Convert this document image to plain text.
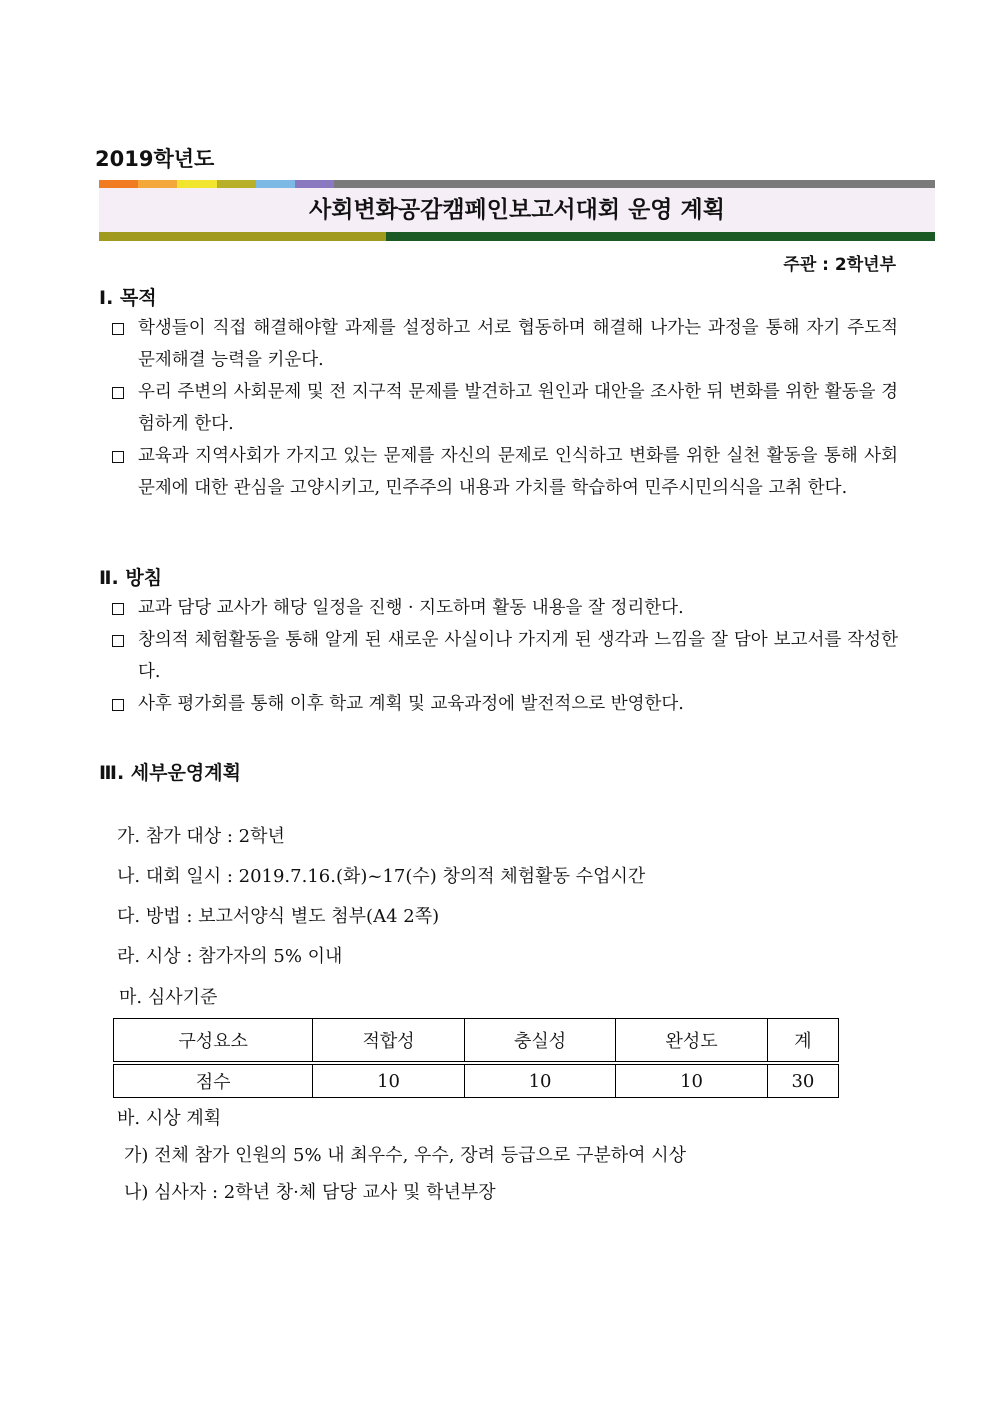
2019학년도
사회변화공감캠페인보고서대회 운영 계획
주관 : 2학년부
Ⅰ. 목적
학생들이 직접 해결해야할 과제를 설정하고 서로 협동하며 해결해 나가는 과정을 통해 자기 주도적 문제해결 능력을 키운다.
우리 주변의 사회문제 및 전 지구적 문제를 발견하고 원인과 대안을 조사한 뒤 변화를 위한 활동을 경험하게 한다.
교육과 지역사회가 가지고 있는 문제를 자신의 문제로 인식하고 변화를 위한 실천 활동을 통해 사회문제에 대한 관심을 고양시키고, 민주주의 내용과 가치를 학습하여 민주시민의식을 고취 한다.
Ⅱ. 방침
교과 담당 교사가 해당 일정을 진행 · 지도하며 활동 내용을 잘 정리한다.
창의적 체험활동을 통해 알게 된 새로운 사실이나 가지게 된 생각과 느낌을 잘 담아 보고서를 작성한다.
사후 평가회를 통해 이후 학교 계획 및 교육과정에 발전적으로 반영한다.
Ⅲ. 세부운영계획
가. 참가 대상 : 2학년
나. 대회 일시 : 2019.7.16.(화)~17(수) 창의적 체험활동 수업시간
다. 방법 : 보고서양식 별도 첨부(A4 2쪽)
라. 시상 : 참가자의 5% 이내
마. 심사기준
구성요소	적합성	충실성	완성도	계
점수	10	10	10	30
바. 시상 계획
가) 전체 참가 인원의 5% 내 최우수, 우수, 장려 등급으로 구분하여 시상
나) 심사자 : 2학년 창·체 담당 교사 및 학년부장
